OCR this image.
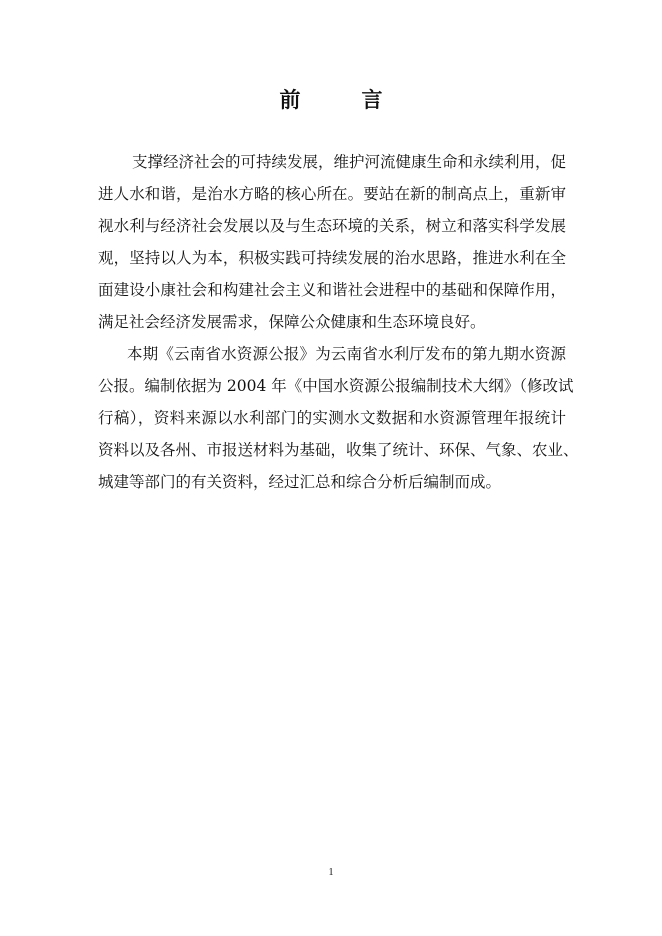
前　言
支撑经济社会的可持续发展，维护河流健康生命和永续利用，促
进人水和谐，是治水方略的核心所在。要站在新的制高点上，重新审
视水利与经济社会发展以及与生态环境的关系，树立和落实科学发展
观，坚持以人为本，积极实践可持续发展的治水思路，推进水利在全
面建设小康社会和构建社会主义和谐社会进程中的基础和保障作用，
满足社会经济发展需求，保障公众健康和生态环境良好。
本期《云南省水资源公报》为云南省水利厅发布的第九期水资源
公报。编制依据为 2004 年《中国水资源公报编制技术大纲》（修改试
行稿），资料来源以水利部门的实测水文数据和水资源管理年报统计
资料以及各州、市报送材料为基础，收集了统计、环保、气象、农业、
城建等部门的有关资料，经过汇总和综合分析后编制而成。
1
